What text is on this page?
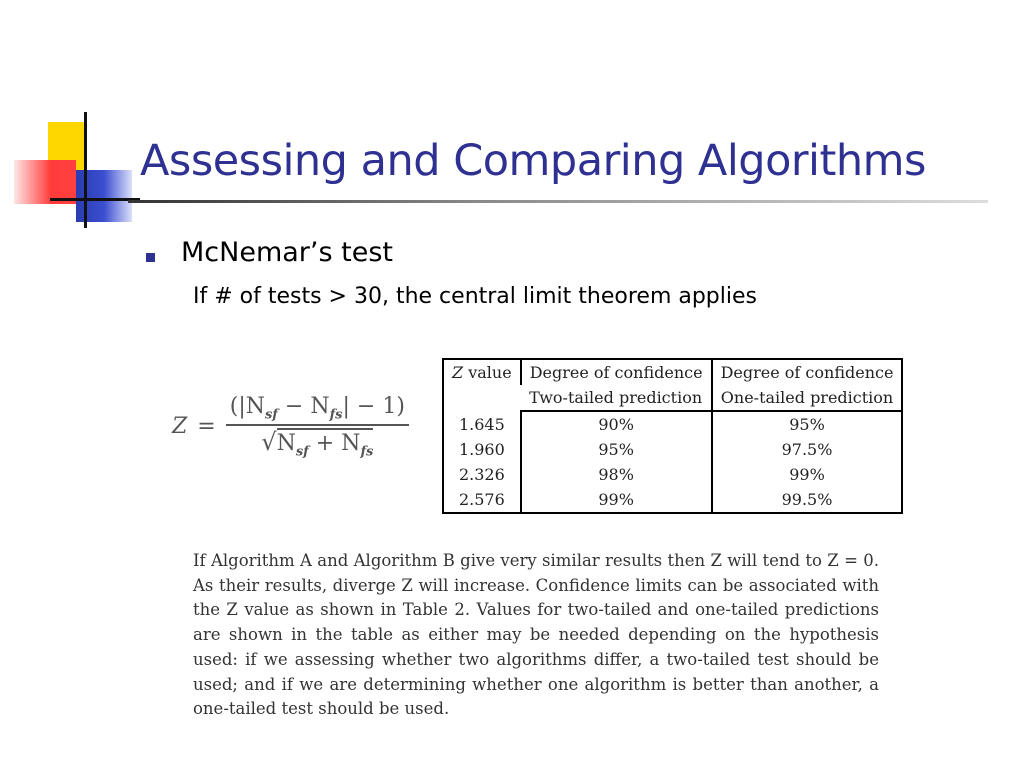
Assessing and Comparing Algorithms
McNemar’s test
If # of tests > 30, the central limit theorem applies
$Z = \frac{(|N_{sf} - N_{fs}| - 1)}{√N_{sf} + N_{fs}}$
Z value	Degree of confidence	Degree of confidence
	Two-tailed prediction	One-tailed prediction
1.645	90%	95%
1.960	95%	97.5%
2.326	98%	99%
2.576	99%	99.5%

If Algorithm A and Algorithm B give very similar results then Z will tend to Z = 0. As their results, diverge Z will increase. Confidence limits can be associated with the Z value as shown in Table 2. Values for two-tailed and one-tailed predictions are shown in the table as either may be needed depending on the hypothesis used: if we assessing whether two algorithms differ, a two-tailed test should be used; and if we are determining whether one algorithm is better than another, a one-tailed test should be used.
